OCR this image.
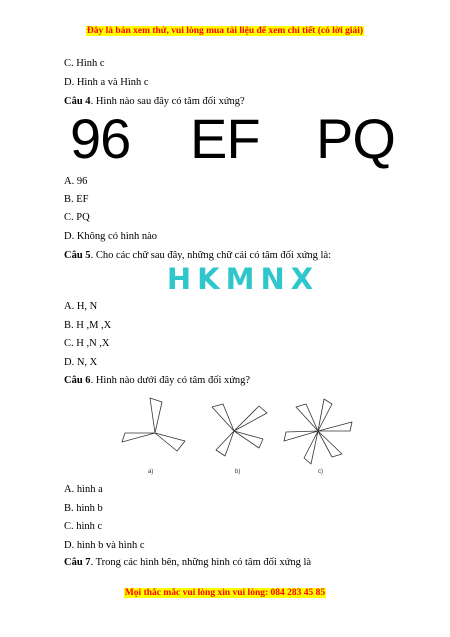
Đây là bản xem thử, vui lòng mua tài liệu để xem chi tiết (có lời giải)
C. Hình c
D. Hình a và Hình c
Câu 4. Hình nào sau đây có tâm đối xứng?
96 EF PQ
A. 96
B. EF
C. PQ
D. Không có hình nào
Câu 5. Cho các chữ sau đây, những chữ cái có tâm đối xứng là:
HKMNX
A. H, N
B. H ,M ,X
C. H ,N ,X
D. N, X
Câu 6. Hình nào dưới đây có tâm đối xứng?
a)	b)	c)
A. hình a
B. hình b
C. hình c
D. hình b và hình c
Câu 7. Trong các hình bên, những hình có tâm đối xứng là
Mọi thắc mắc vui lòng xin vui lòng: 084 283 45 85
